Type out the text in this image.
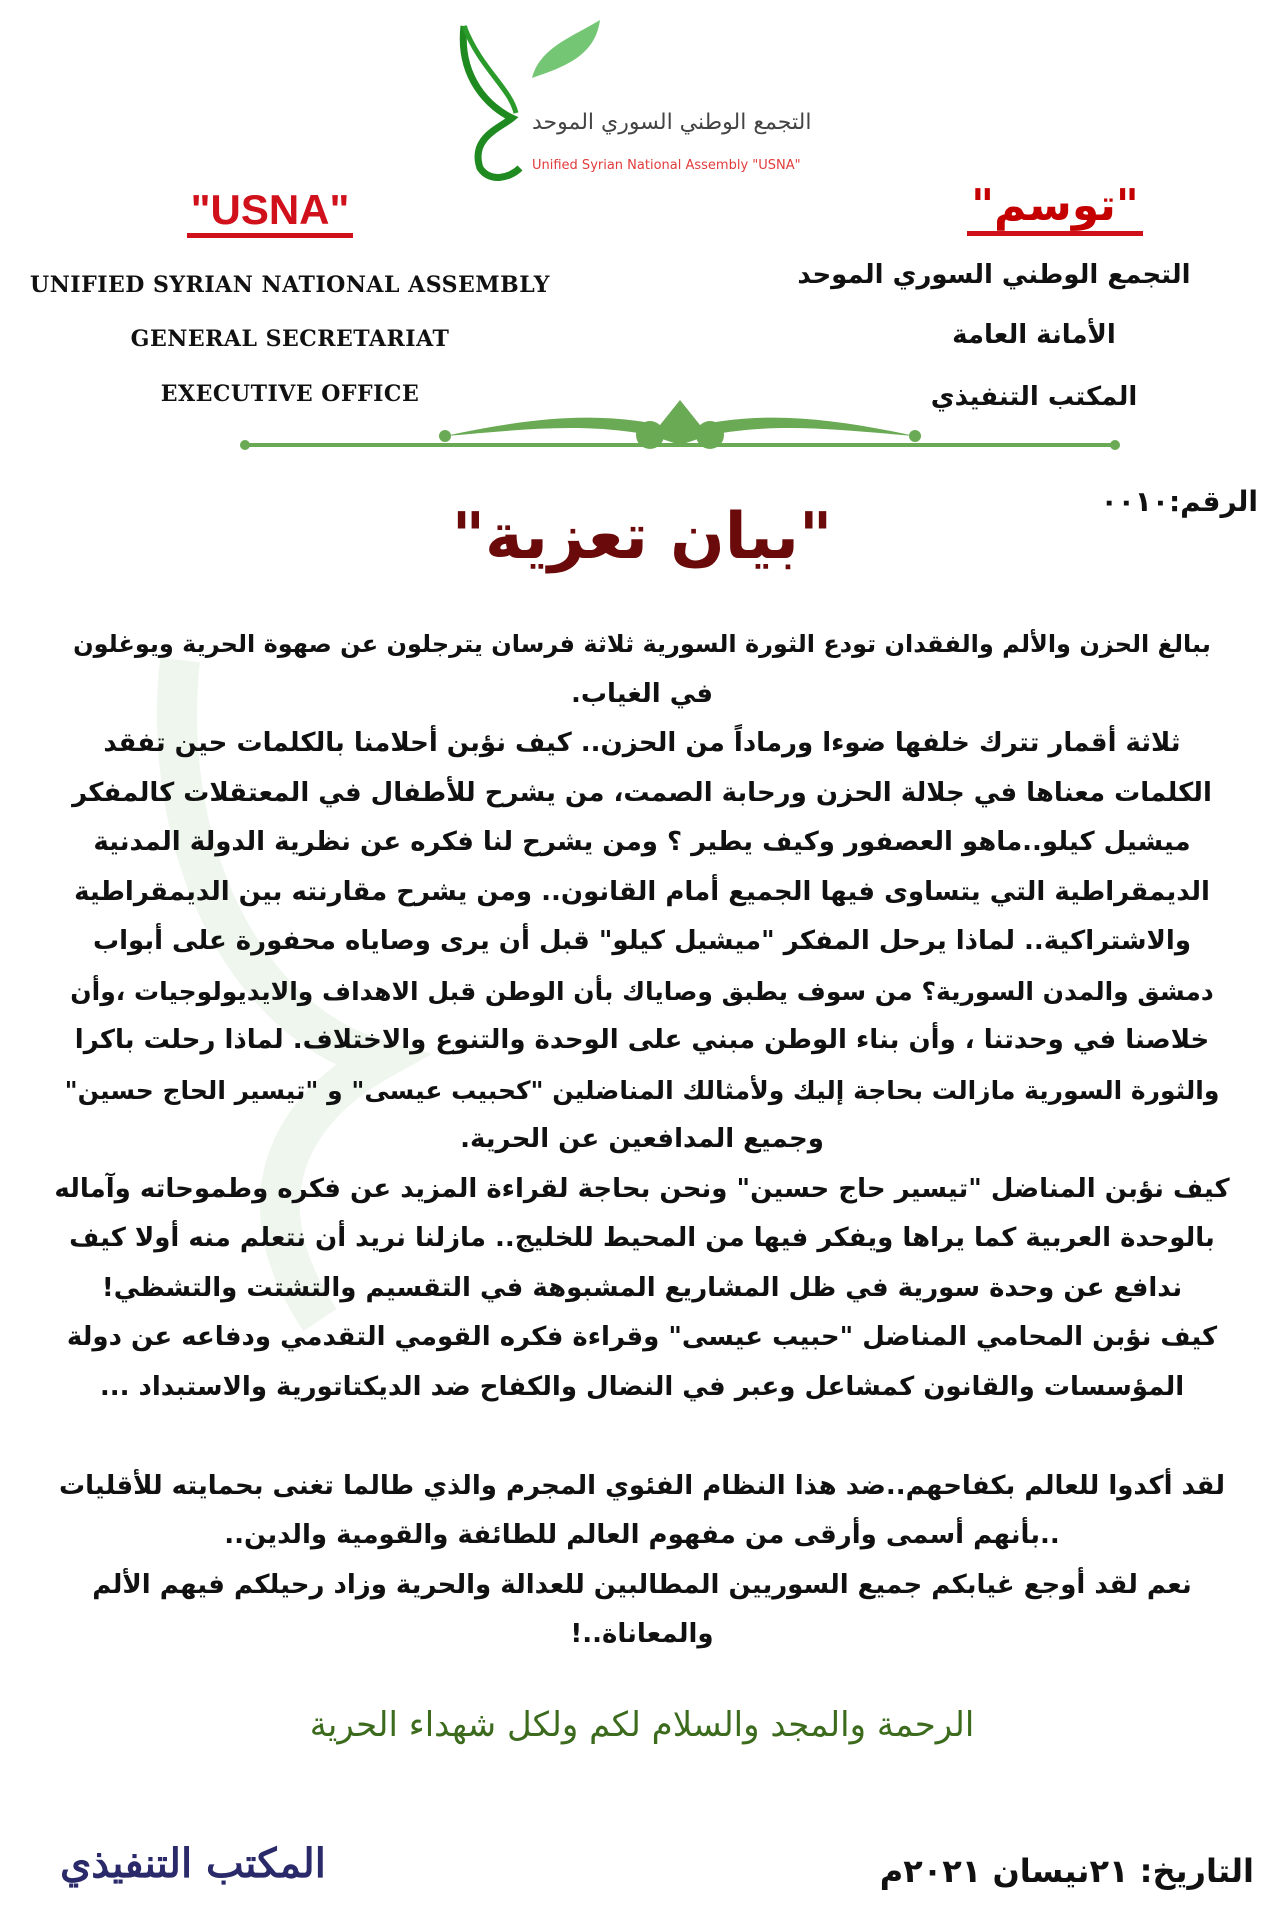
التجمع الوطني السوري الموحد
Unified Syrian National Assembly "USNA"
"USNA"	"توسم"
UNIFIED SYRIAN NATIONAL ASSEMBLY
GENERAL SECRETARIAT
EXECUTIVE OFFICE
التجمع الوطني السوري الموحد
الأمانة العامة
المكتب التنفيذي
الرقم:٠٠١٠
"بيان تعزية"
ببالغ الحزن والألم والفقدان تودع الثورة السورية ثلاثة فرسان يترجلون عن صهوة الحرية ويوغلون
في الغياب.
ثلاثة أقمار تترك خلفها ضوءا ورماداً من الحزن.. كيف نؤبن أحلامنا بالكلمات حين تفقد
الكلمات معناها في جلالة الحزن ورحابة الصمت، من يشرح للأطفال في المعتقلات كالمفكر
ميشيل كيلو..ماهو العصفور وكيف يطير ؟ ومن يشرح لنا فكره عن نظرية الدولة المدنية
الديمقراطية التي يتساوى فيها الجميع أمام القانون.. ومن يشرح مقارنته بين الديمقراطية
والاشتراكية.. لماذا يرحل المفكر "ميشيل كيلو" قبل أن يرى وصاياه محفورة على أبواب
دمشق والمدن السورية؟ من سوف يطبق وصاياك بأن الوطن قبل الاهداف والايديولوجيات ،وأن
خلاصنا في وحدتنا ، وأن بناء الوطن مبني على الوحدة والتنوع والاختلاف. لماذا رحلت باكرا
والثورة السورية مازالت بحاجة إليك ولأمثالك المناضلين "كحبيب عيسى" و "تيسير الحاج حسين"
وجميع المدافعين عن الحرية.
كيف نؤبن المناضل "تيسير حاج حسين" ونحن بحاجة لقراءة المزيد عن فكره وطموحاته وآماله
بالوحدة العربية كما يراها ويفكر فيها من المحيط للخليج.. مازلنا نريد أن نتعلم منه أولا كيف
ندافع عن وحدة سورية في ظل المشاريع المشبوهة في التقسيم والتشتت والتشظي!
كيف نؤبن المحامي المناضل "حبيب عيسى" وقراءة فكره القومي التقدمي ودفاعه عن دولة
المؤسسات والقانون كمشاعل وعبر في النضال والكفاح ضد الديكتاتورية والاستبداد ...
لقد أكدوا للعالم بكفاحهم..ضد هذا النظام الفئوي المجرم والذي طالما تغنى بحمايته للأقليات
..بأنهم أسمى وأرقى من مفهوم العالم للطائفة والقومية والدين..
نعم لقد أوجع غيابكم جميع السوريين المطالبين للعدالة والحرية وزاد رحيلكم فيهم الألم
والمعاناة..!
الرحمة والمجد والسلام لكم ولكل شهداء الحرية
المكتب التنفيذي	التاريخ: ٢١نيسان ٢٠٢١م
